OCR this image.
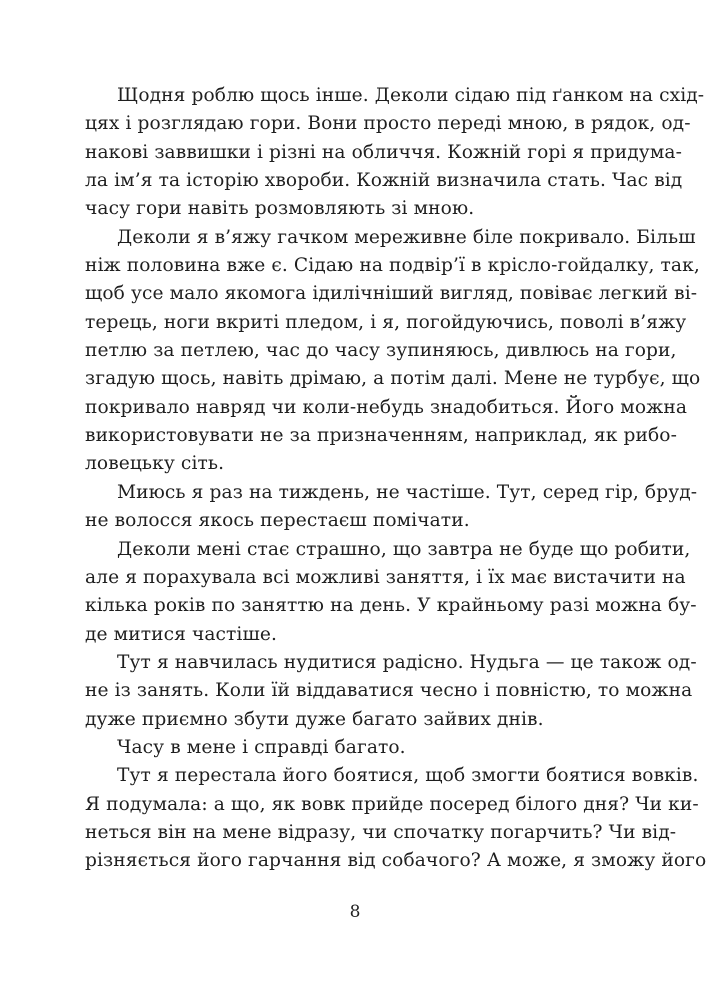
Щодня роблю щось інше. Деколи сідаю під ґанком на схід-
цях і розглядаю гори. Вони просто переді мною, в рядок, од-
накові заввишки і різні на обличчя. Кожній горі я придума-
ла ім’я та історію хвороби. Кожній визначила стать. Час від
часу гори навіть розмовляють зі мною.
Деколи я в’яжу гачком мереживне біле покривало. Більш
ніж половина вже є. Сідаю на подвір’ї в крісло-гойдалку, так,
щоб усе мало якомога ідилічніший вигляд, повіває легкий ві-
терець, ноги вкриті пледом, і я, погойдуючись, поволі в’яжу
петлю за петлею, час до часу зупиняюсь, дивлюсь на гори,
згадую щось, навіть дрімаю, а потім далі. Мене не турбує, що
покривало навряд чи коли-небудь знадобиться. Його можна
використовувати не за призначенням, наприклад, як рибо-
ловецьку сіть.
Миюсь я раз на тиждень, не частіше. Тут, серед гір, бруд-
не волосся якось перестаєш помічати.
Деколи мені стає страшно, що завтра не буде що робити,
але я порахувала всі можливі заняття, і їх має вистачити на
кілька років по заняттю на день. У крайньому разі можна бу-
де митися частіше.
Тут я навчилась нудитися радісно. Нудьга — це також од-
не із занять. Коли їй віддаватися чесно і повністю, то можна
дуже приємно збути дуже багато зайвих днів.
Часу в мене і справді багато.
Тут я перестала його боятися, щоб змогти боятися вовків.
Я подумала: а що, як вовк прийде посеред білого дня? Чи ки-
неться він на мене відразу, чи спочатку погарчить? Чи від-
різняється його гарчання від собачого? А може, я зможу його
8
